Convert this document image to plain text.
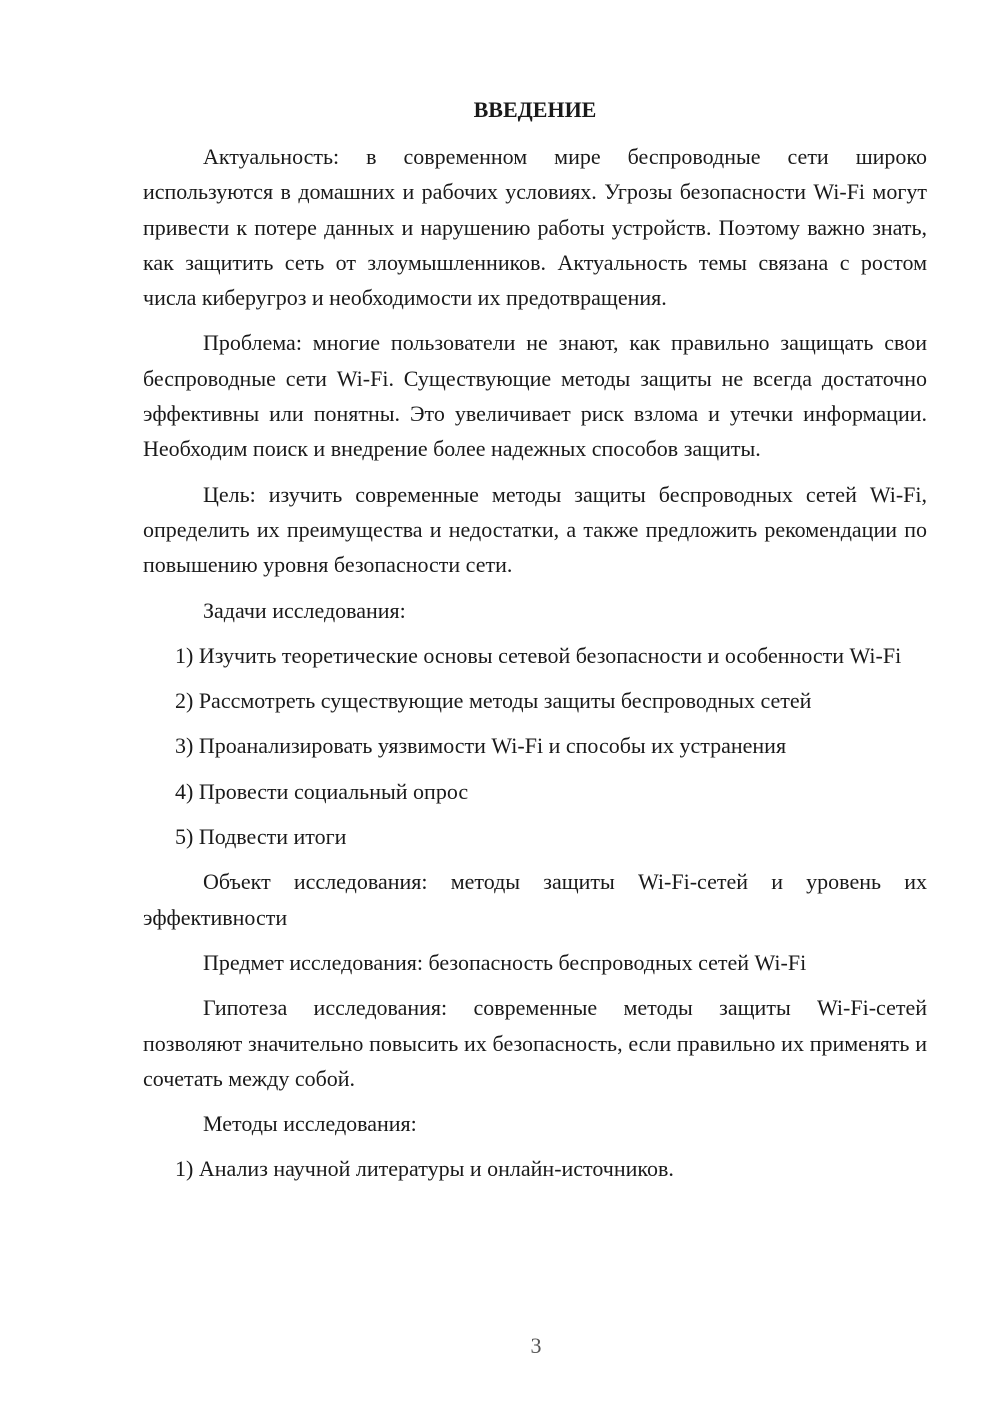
ВВЕДЕНИЕ

Актуальность: в современном мире беспроводные сети широко используются в домашних и рабочих условиях. Угрозы безопасности Wi-Fi могут привести к потере данных и нарушению работы устройств. Поэтому важно знать, как защитить сеть от злоумышленников. Актуальность темы связана с ростом числа киберугроз и необходимости их предотвращения.

Проблема: многие пользователи не знают, как правильно защищать свои беспроводные сети Wi-Fi. Существующие методы защиты не всегда достаточно эффективны или понятны. Это увеличивает риск взлома и утечки информации. Необходим поиск и внедрение более надежных способов защиты.

Цель: изучить современные методы защиты беспроводных сетей Wi-Fi, определить их преимущества и недостатки, а также предложить рекомендации по повышению уровня безопасности сети.

Задачи исследования:

1) Изучить теоретические основы сетевой безопасности и особенности Wi-Fi

2) Рассмотреть существующие методы защиты беспроводных сетей

3) Проанализировать уязвимости Wi-Fi и способы их устранения

4) Провести социальный опрос

5) Подвести итоги

Объект исследования: методы защиты Wi-Fi-сетей и уровень их эффективности

Предмет исследования: безопасность беспроводных сетей Wi-Fi

Гипотеза исследования: современные методы защиты Wi-Fi-сетей позволяют значительно повысить их безопасность, если правильно их применять и сочетать между собой.

Методы исследования:

1) Анализ научной литературы и онлайн-источников.

3
